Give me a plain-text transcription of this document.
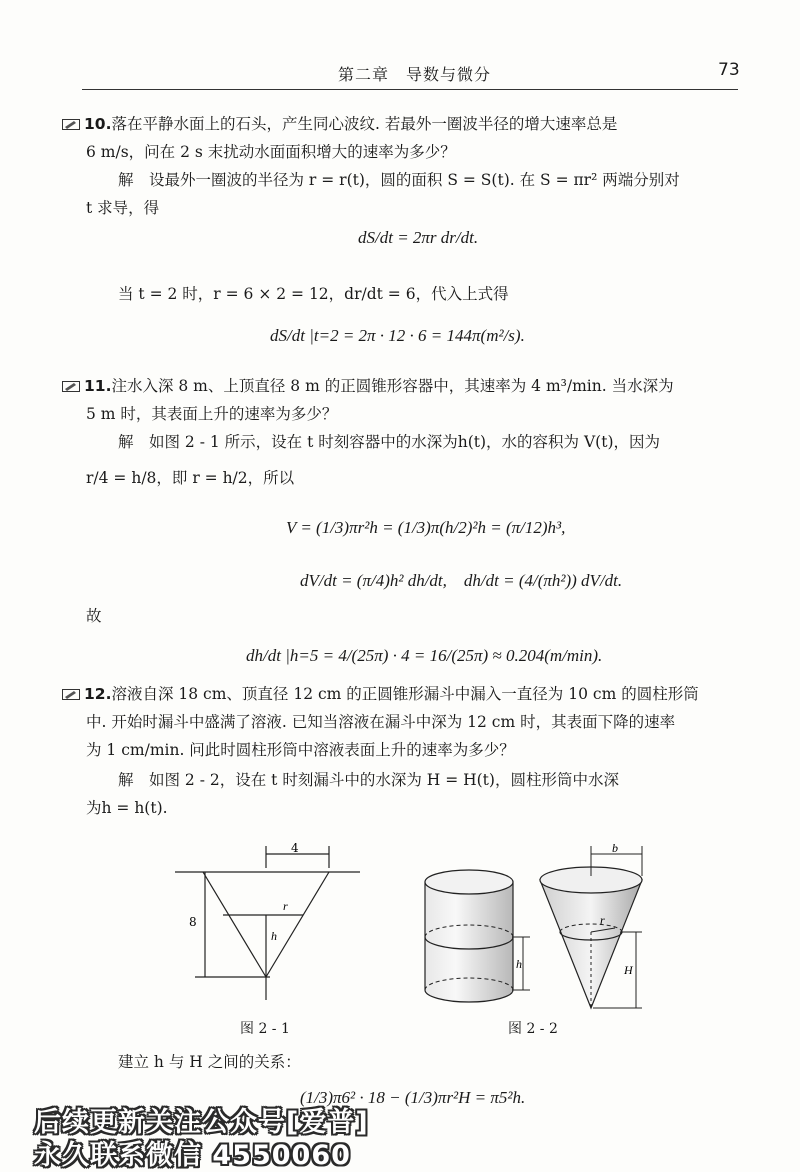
第二章　导数与微分	73
10.落在平静水面上的石头，产生同心波纹. 若最外一圈波半径的增大速率总是
6 m/s，问在 2 s 末扰动水面面积增大的速率为多少？
解　设最外一圈波的半径为 r = r(t)，圆的面积 S = S(t). 在 S = πr² 两端分别对
t 求导，得
dS/dt = 2πr dr/dt.
当 t = 2 时，r = 6 × 2 = 12，dr/dt = 6，代入上式得
dS/dt |t=2 = 2π · 12 · 6 = 144π(m²/s).
11.注水入深 8 m、上顶直径 8 m 的正圆锥形容器中，其速率为 4 m³/min. 当水深为
5 m 时，其表面上升的速率为多少？
解　如图 2 - 1 所示，设在 t 时刻容器中的水深为h(t)，水的容积为 V(t)，因为
r/4 = h/8，即 r = h/2，所以
V = (1/3)πr²h = (1/3)π(h/2)²h = (π/12)h³,
dV/dt = (π/4)h² dh/dt,　dh/dt = (4/(πh²)) dV/dt.
故
dh/dt |h=5 = 4/(25π) · 4 = 16/(25π) ≈ 0.204(m/min).
12.溶液自深 18 cm、顶直径 12 cm 的正圆锥形漏斗中漏入一直径为 10 cm 的圆柱形筒
中. 开始时漏斗中盛满了溶液. 已知当溶液在漏斗中深为 12 cm 时，其表面下降的速率
为 1 cm/min. 问此时圆柱形筒中溶液表面上升的速率为多少？
解　如图 2 - 2，设在 t 时刻漏斗中的水深为 H = H(t)，圆柱形筒中水深
为h = h(t).
4
8
r
h
图 2 - 1
h
b
r
H
图 2 - 2
建立 h 与 H 之间的关系：
(1/3)π6² · 18 − (1/3)πr²H = π5²h.
后续更新关注公众号[爱普]
永久联系微信 4550060
